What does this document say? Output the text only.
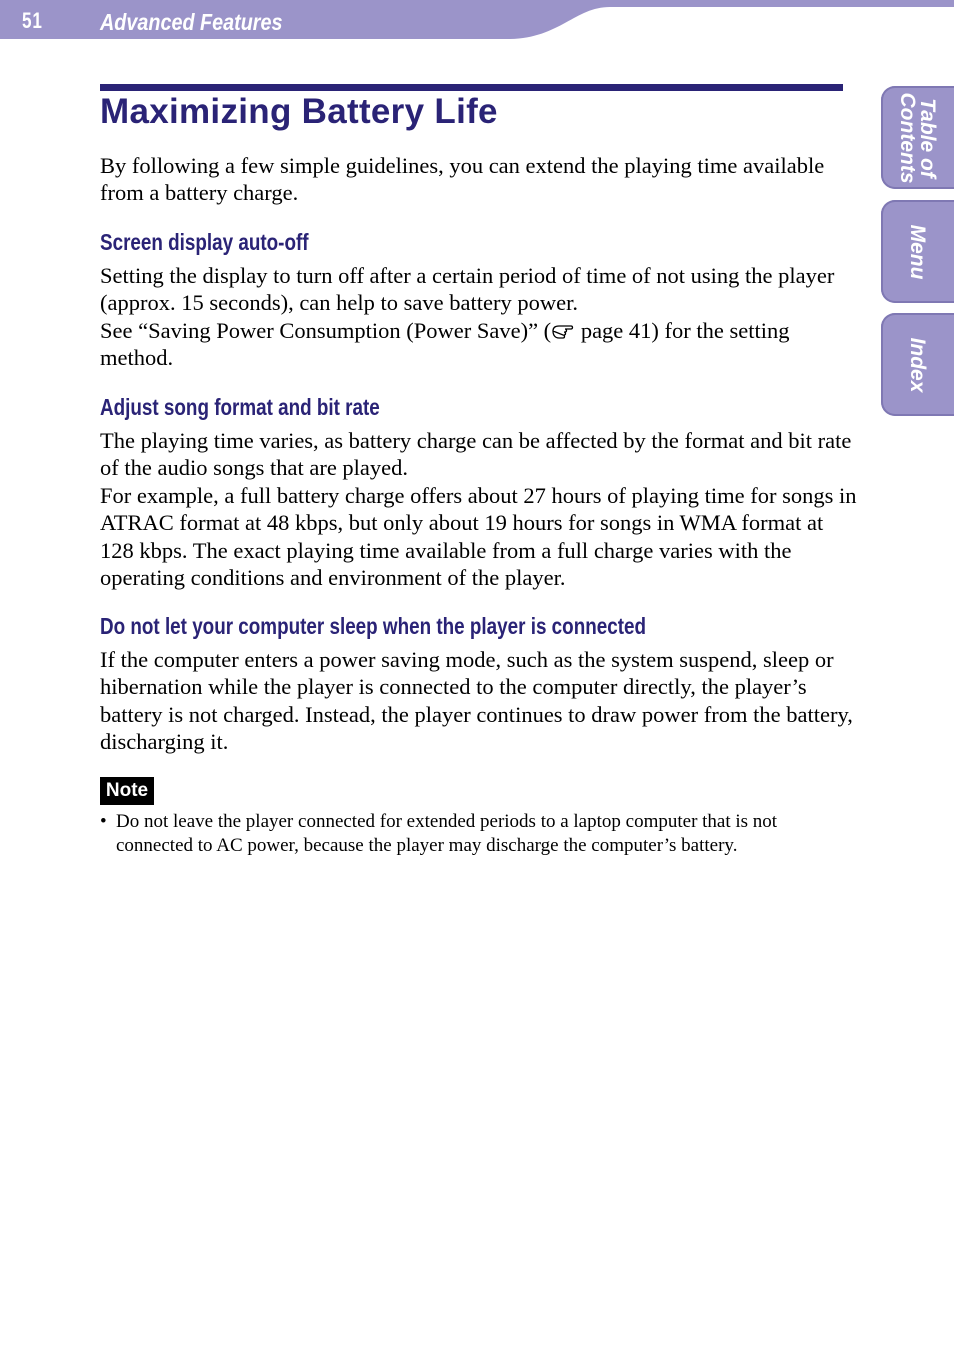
51 Advanced Features
Maximizing Battery Life

By following a few simple guidelines, you can extend the playing time available from a battery charge.

Screen display auto-off

Setting the display to turn off after a certain period of time of not using the player (approx. 15 seconds), can help to save battery power.

See “Saving Power Consumption (Power Save)” ( page 41) for the setting method.

Adjust song format and bit rate

The playing time varies, as battery charge can be affected by the format and bit rate of the audio songs that are played.

For example, a full battery charge offers about 27 hours of playing time for songs in ATRAC format at 48 kbps, but only about 19 hours for songs in WMA format at 128 kbps. The exact playing time available from a full charge varies with the operating conditions and environment of the player.

Do not let your computer sleep when the player is connected

If the computer enters a power saving mode, such as the system suspend, sleep or hibernation while the player is connected to the computer directly, the player’s battery is not charged. Instead, the player continues to draw power from the battery, discharging it.

Note
• Do not leave the player connected for extended periods to a laptop computer that is not connected to AC power, because the player may discharge the computer’s battery.
Table of
Contents
Menu
Index
